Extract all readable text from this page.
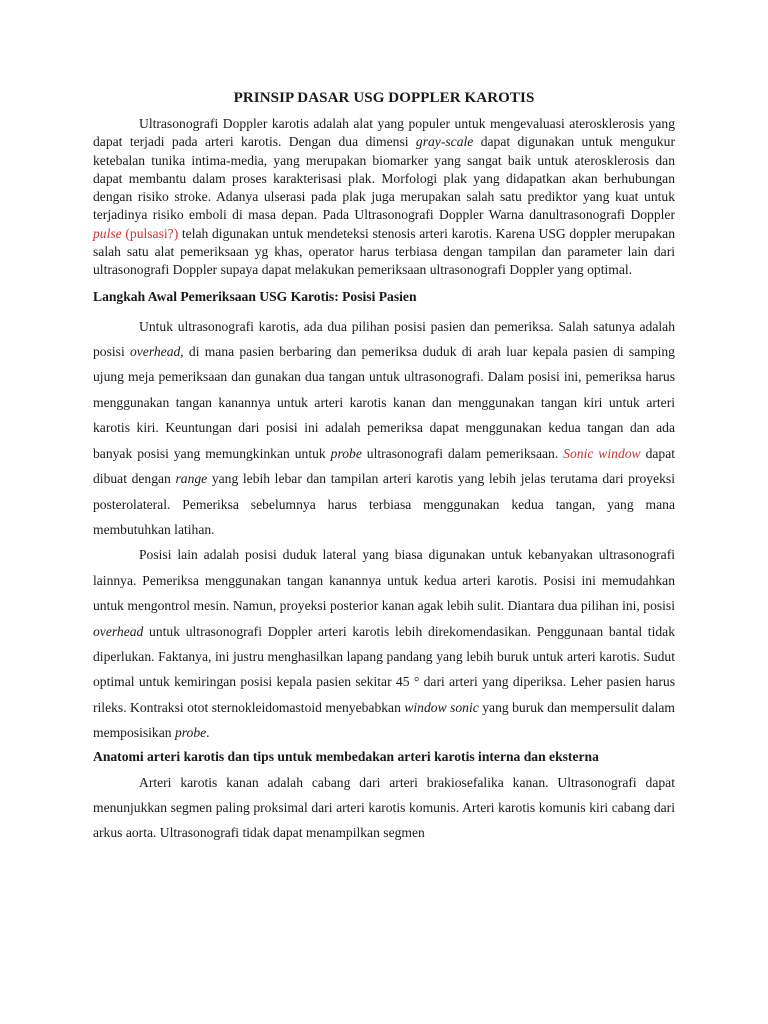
PRINSIP DASAR USG DOPPLER KAROTIS

Ultrasonografi Doppler karotis adalah alat yang populer untuk mengevaluasi aterosklerosis yang dapat terjadi pada arteri karotis. Dengan dua dimensi gray-scale dapat digunakan untuk mengukur ketebalan tunika intima-media, yang merupakan biomarker yang sangat baik untuk aterosklerosis dan dapat membantu dalam proses karakterisasi plak. Morfologi plak yang didapatkan akan berhubungan dengan risiko stroke. Adanya ulserasi pada plak juga merupakan salah satu prediktor yang kuat untuk terjadinya risiko emboli di masa depan. Pada Ultrasonografi Doppler Warna danultrasonografi Doppler pulse (pulsasi?) telah digunakan untuk mendeteksi stenosis arteri karotis. Karena USG doppler merupakan salah satu alat pemeriksaan yg khas, operator harus terbiasa dengan tampilan dan parameter lain dari ultrasonografi Doppler supaya dapat melakukan pemeriksaan ultrasonografi Doppler yang optimal.

Langkah Awal Pemeriksaan USG Karotis: Posisi Pasien

Untuk ultrasonografi karotis, ada dua pilihan posisi pasien dan pemeriksa. Salah satunya adalah posisi overhead, di mana pasien berbaring dan pemeriksa duduk di arah luar kepala pasien di samping ujung meja pemeriksaan dan gunakan dua tangan untuk ultrasonografi. Dalam posisi ini, pemeriksa harus menggunakan tangan kanannya untuk arteri karotis kanan dan menggunakan tangan kiri untuk arteri karotis kiri. Keuntungan dari posisi ini adalah pemeriksa dapat menggunakan kedua tangan dan ada banyak posisi yang memungkinkan untuk probe ultrasonografi dalam pemeriksaan. Sonic window dapat dibuat dengan range yang lebih lebar dan tampilan arteri karotis yang lebih jelas terutama dari proyeksi posterolateral. Pemeriksa sebelumnya harus terbiasa menggunakan kedua tangan, yang mana membutuhkan latihan.

Posisi lain adalah posisi duduk lateral yang biasa digunakan untuk kebanyakan ultrasonografi lainnya. Pemeriksa menggunakan tangan kanannya untuk kedua arteri karotis. Posisi ini memudahkan untuk mengontrol mesin. Namun, proyeksi posterior kanan agak lebih sulit. Diantara dua pilihan ini, posisi overhead untuk ultrasonografi Doppler arteri karotis lebih direkomendasikan. Penggunaan bantal tidak diperlukan. Faktanya, ini justru menghasilkan lapang pandang yang lebih buruk untuk arteri karotis. Sudut optimal untuk kemiringan posisi kepala pasien sekitar 45 ° dari arteri yang diperiksa. Leher pasien harus rileks. Kontraksi otot sternokleidomastoid menyebabkan window sonic yang buruk dan mempersulit dalam memposisikan probe.

Anatomi arteri karotis dan tips untuk membedakan arteri karotis interna dan eksterna

Arteri karotis kanan adalah cabang dari arteri brakiosefalika kanan. Ultrasonografi dapat menunjukkan segmen paling proksimal dari arteri karotis komunis. Arteri karotis komunis kiri cabang dari arkus aorta. Ultrasonografi tidak dapat menampilkan segmen
